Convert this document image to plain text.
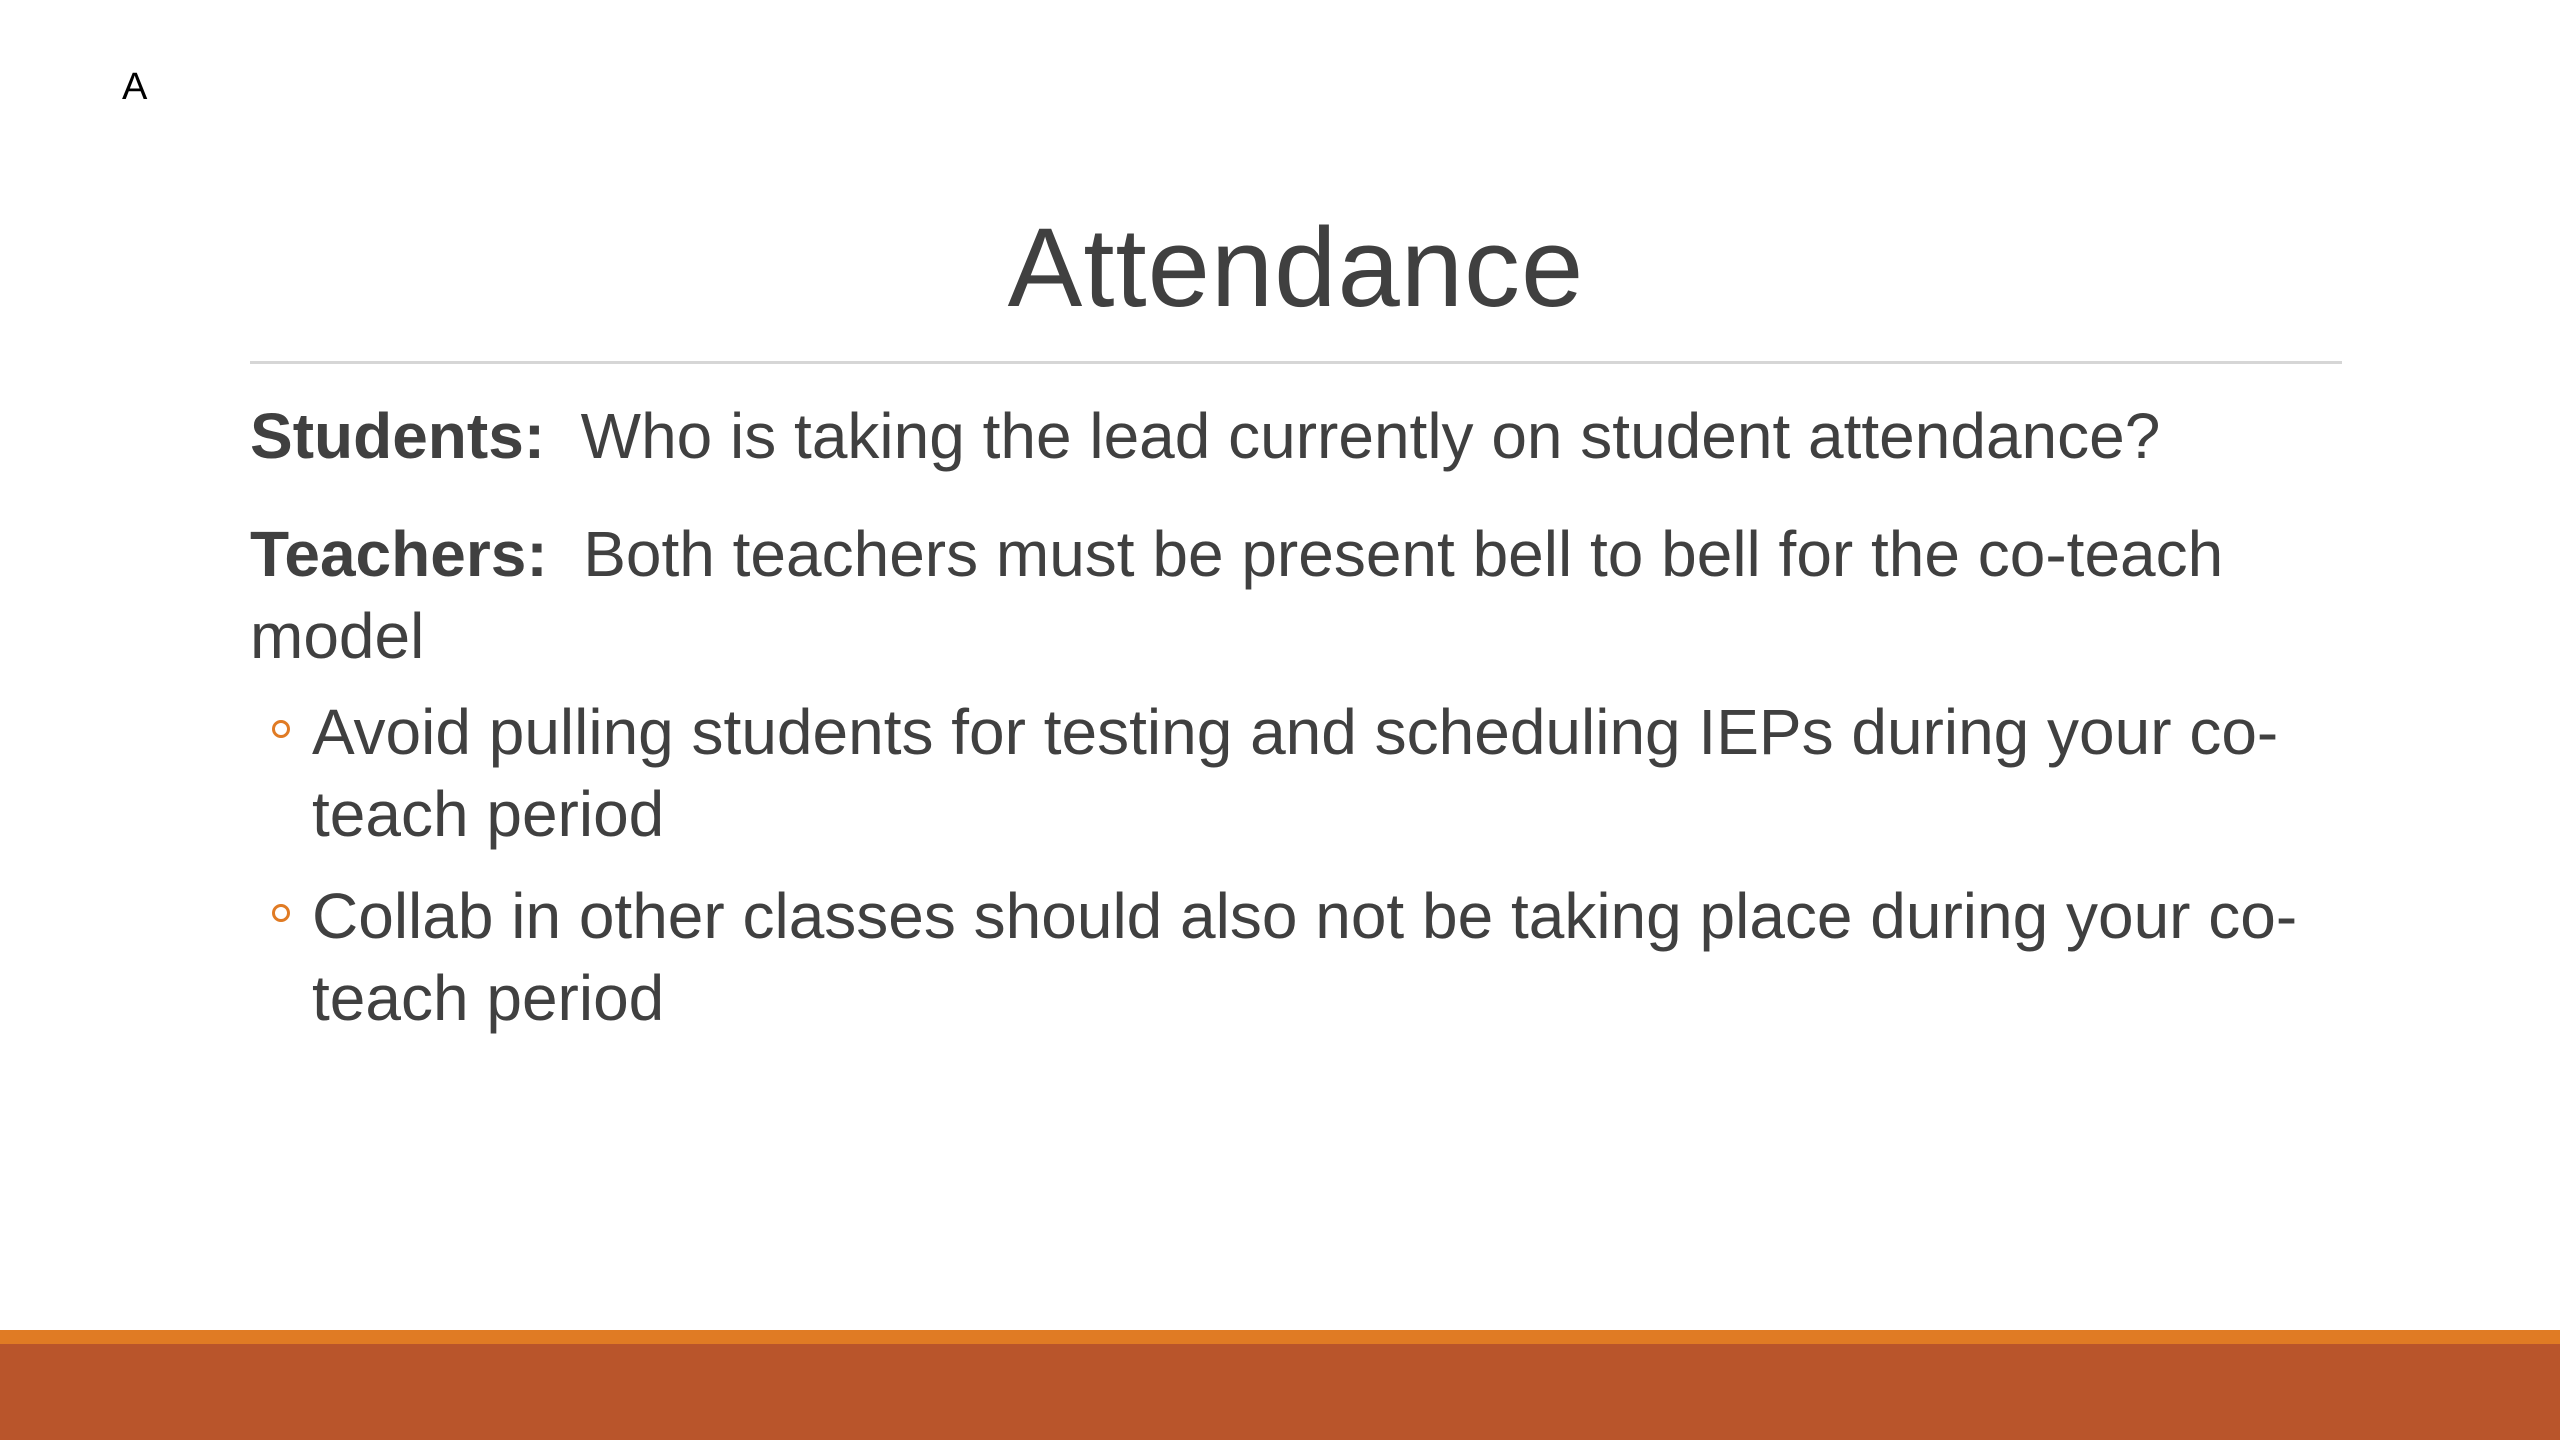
A
Attendance

Students: Who is taking the lead currently on student attendance?

Teachers: Both teachers must be present bell to bell for the co-teach model

Avoid pulling students for testing and scheduling IEPs during your co-teach period
Collab in other classes should also not be taking place during your co-teach period
